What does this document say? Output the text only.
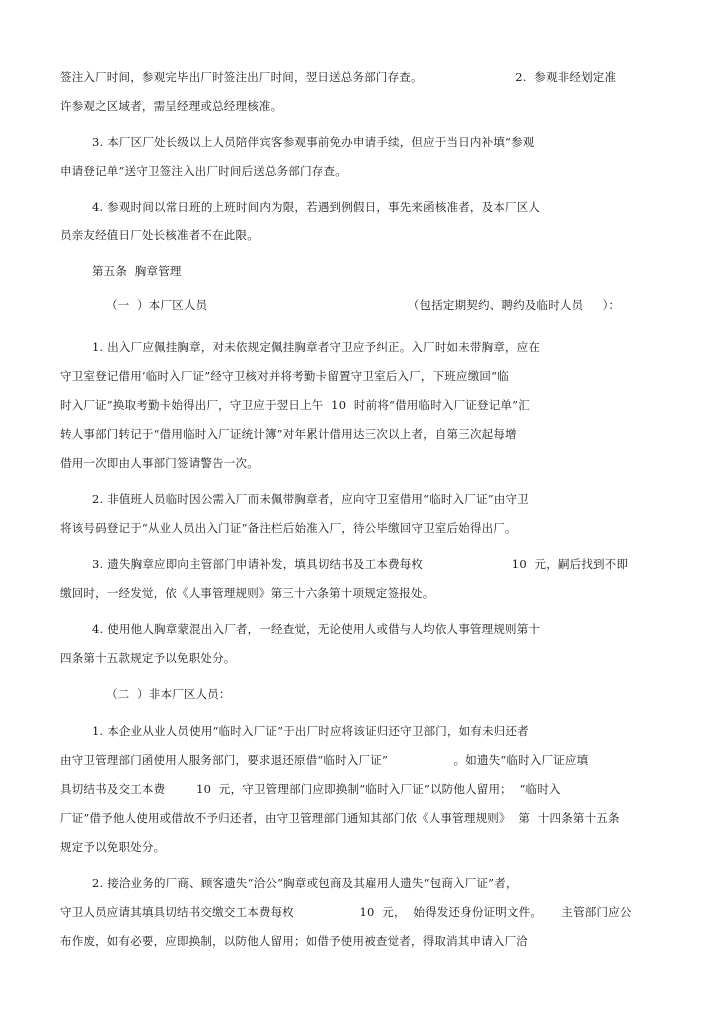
签注入厂时间，参观完毕出厂时签注出厂时间，翌日送总务部门存查。                        2.  参观非经划定准
许参观之区域者，需呈经理或总经理核准。
3. 本厂区厂处长级以上人员陪伴宾客参观事前免办申请手续，但应于当日内补填“参观
申请登记单”送守卫签注入出厂时间后送总务部门存查。
4. 参观时间以常日班的上班时间内为限，若遇到例假日，事先来函核准者，及本厂区人
员亲友经值日厂处长核准者不在此限。
第五条  胸章管理
（一  ）本厂区人员                                                    （包括定期契约、聘约及临时人员     ）：
1. 出入厂应佩挂胸章，对未依规定佩挂胸章者守卫应予纠正。入厂时如未带胸章，应在
守卫室登记借用’临时入厂证”经守卫核对并将考勤卡留置守卫室后入厂，下班应缴回“临
时入厂证”换取考勤卡始得出厂，守卫应于翌日上午  10  时前将“借用临时入厂证登记单”汇
转人事部门转记于“借用临时入厂证统计簿”对年累计借用达三次以上者，自第三次起每增
借用一次即由人事部门签请警告一次。
2. 非值班人员临时因公需入厂而未佩带胸章者，应向守卫室借用“临时入厂证”由守卫
将该号码登记于“从业人员出入门证”备注栏后始准入厂，待公毕缴回守卫室后始得出厂。
3. 遗失胸章应即向主管部门申请补发，填具切结书及工本费每枚                       10  元，嗣后找到不即
缴回时，一经发觉，依《人事管理规则》第三十六条第十项规定签报处。
4. 使用他人胸章蒙混出入厂者，一经查觉，无论使用人或借与人均依人事管理规则第十
四条第十五款规定予以免职处分。
（二  ）非本厂区人员：
1. 本企业从业人员使用“临时入厂证”于出厂时应将该证归还守卫部门，如有未归还者
由守卫管理部门函使用人服务部门，要求退还原借“临时入厂证”                 。如遗失“临时入厂证应填
具切结书及交工本费        10  元，守卫管理部门应即换制“临时入厂证”以防他人留用；  “临时入
厂证”借予他人使用或借故不予归还者，由守卫管理部门通知其部门依《人事管理规则》  第  十四条第十五条
规定予以免职处分。
2. 接洽业务的厂商、顾客遗失“洽公”胸章或包商及其雇用人遗失“包商入厂证”者，
守卫人员应请其填具切结书交缴交工本费每枚                 10  元，  始得发还身份证明文件。     主管部门应公
布作废，如有必要，应即换制，以防他人留用；如借予使用被查觉者，得取消其申请入厂洽
